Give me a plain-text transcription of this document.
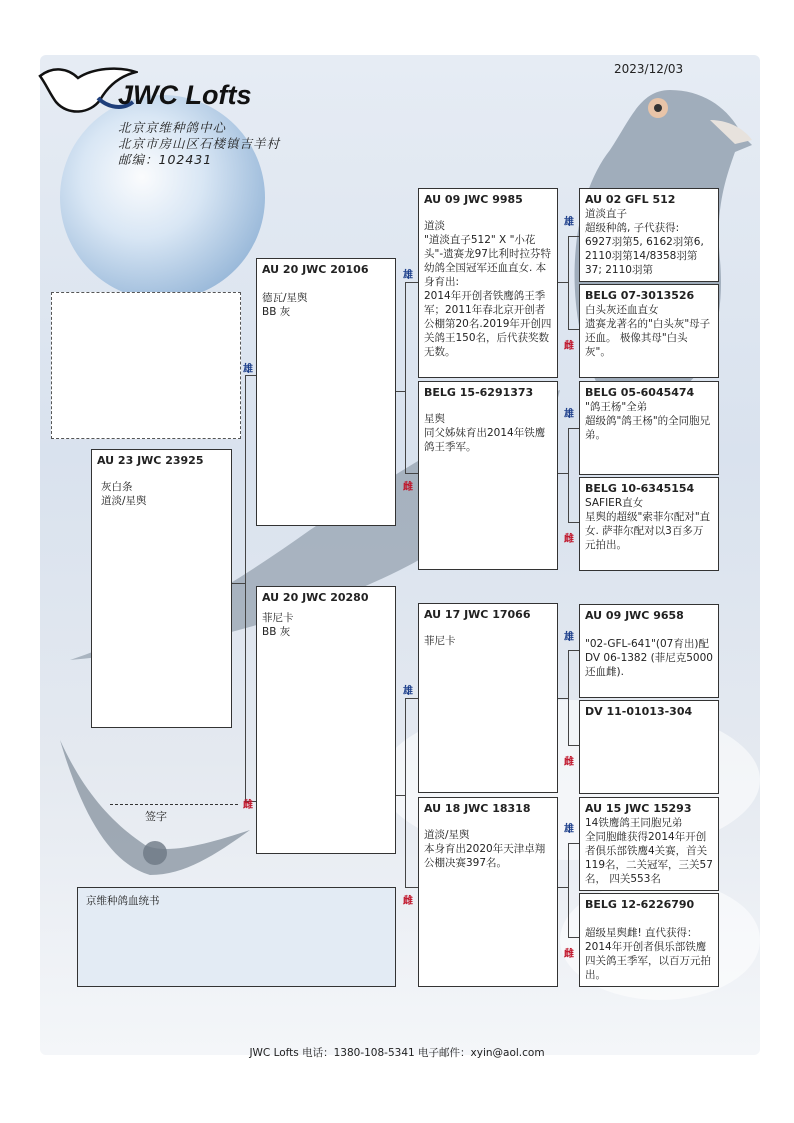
2023/12/03
JWC Lofts
北京京维种鸽中心
北京市房山区石楼镇吉羊村
邮编：102431
雄
雌
雄
雌
雄
雌
雄
雌
雄
雌
雄
雌
雄
雌
AU 23 JWC 23925
灰白条
道淡/星舆
AU 20 JWC 20106
德瓦/星舆
BB 灰
AU 20 JWC 20280
菲尼卡
BB 灰
AU 09 JWC 9985
道淡
"道淡直子512" X "小花头"-遗赛龙97比利时拉芬特幼鸽全国冠军还血直女. 本身育出:
2014年开创者铁鹰鸽王季军；2011年春北京开创者公棚第20名.2019年开创四关鸽王150名，后代获奖数无数。
BELG 15-6291373
星舆
同父姊妹育出2014年铁鹰鸽王季军。
AU 17 JWC 17066
菲尼卡
AU 18 JWC 18318
道淡/星舆
本身育出2020年天津卓翔公棚决赛397名。
AU 02 GFL 512
道淡直子
超级种鸽, 子代获得:
6927羽第5, 6162羽第6, 2110羽第14/8358羽第37; 2110羽第
BELG 07-3013526
白头灰还血直女
遗赛龙著名的"白头灰"母子还血。 极像其母"白头灰"。
BELG 05-6045474
"鸽王杨"全弟
超级鸽"鸽王杨"的全同胞兄弟。
BELG 10-6345154
SAFIER直女
星舆的超级"索菲尔配对"直女. 萨菲尔配对以3百多万元拍出。
AU 09 JWC 9658

"02-GFL-641"(07育出)配 DV 06-1382 (菲尼克5000还血雌).
DV 11-01013-304
AU 15 JWC 15293
14铁鹰鸽王同胞兄弟
全同胞雌获得2014年开创者俱乐部铁鹰4关赛，首关119名，二关冠军，三关57名， 四关553名
BELG 12-6226790

超级星舆雌! 直代获得：2014年开创者俱乐部铁鹰四关鸽王季军，以百万元拍出。
签字
京维种鸽血统书
JWC Lofts 电话：1380-108-5341 电子邮件：xyin@aol.com
